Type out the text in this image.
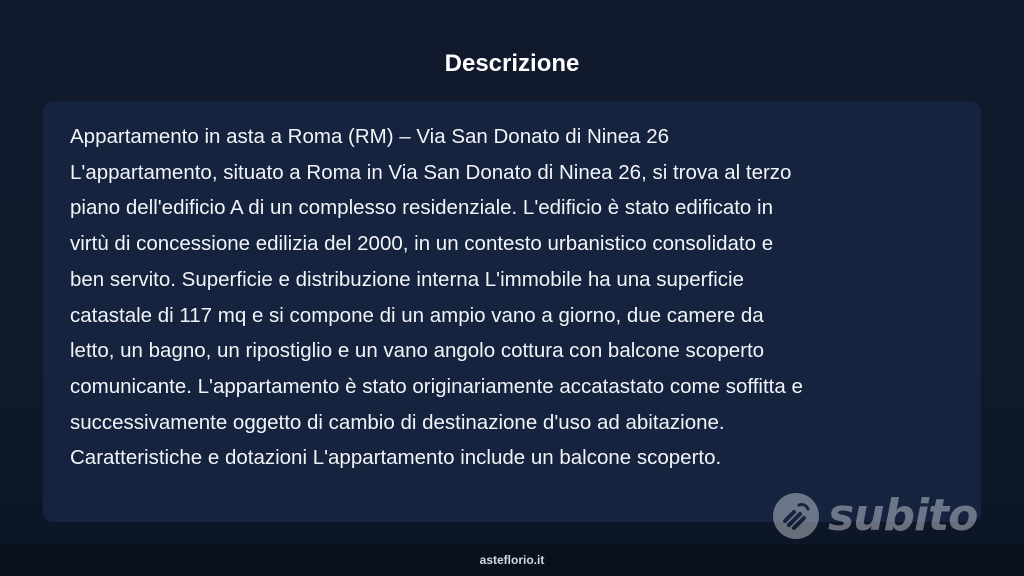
Descrizione
Appartamento in asta a Roma (RM) – Via San Donato di Ninea 26
L'appartamento, situato a Roma in Via San Donato di Ninea 26, si trova al terzo
piano dell'edificio A di un complesso residenziale. L'edificio è stato edificato in
virtù di concessione edilizia del 2000, in un contesto urbanistico consolidato e
ben servito. Superficie e distribuzione interna L'immobile ha una superficie
catastale di 117 mq e si compone di un ampio vano a giorno, due camere da
letto, un bagno, un ripostiglio e un vano angolo cottura con balcone scoperto
comunicante. L'appartamento è stato originariamente accatastato come soffitta e
successivamente oggetto di cambio di destinazione d'uso ad abitazione.
Caratteristiche e dotazioni L'appartamento include un balcone scoperto.
subito
asteflorio.it
